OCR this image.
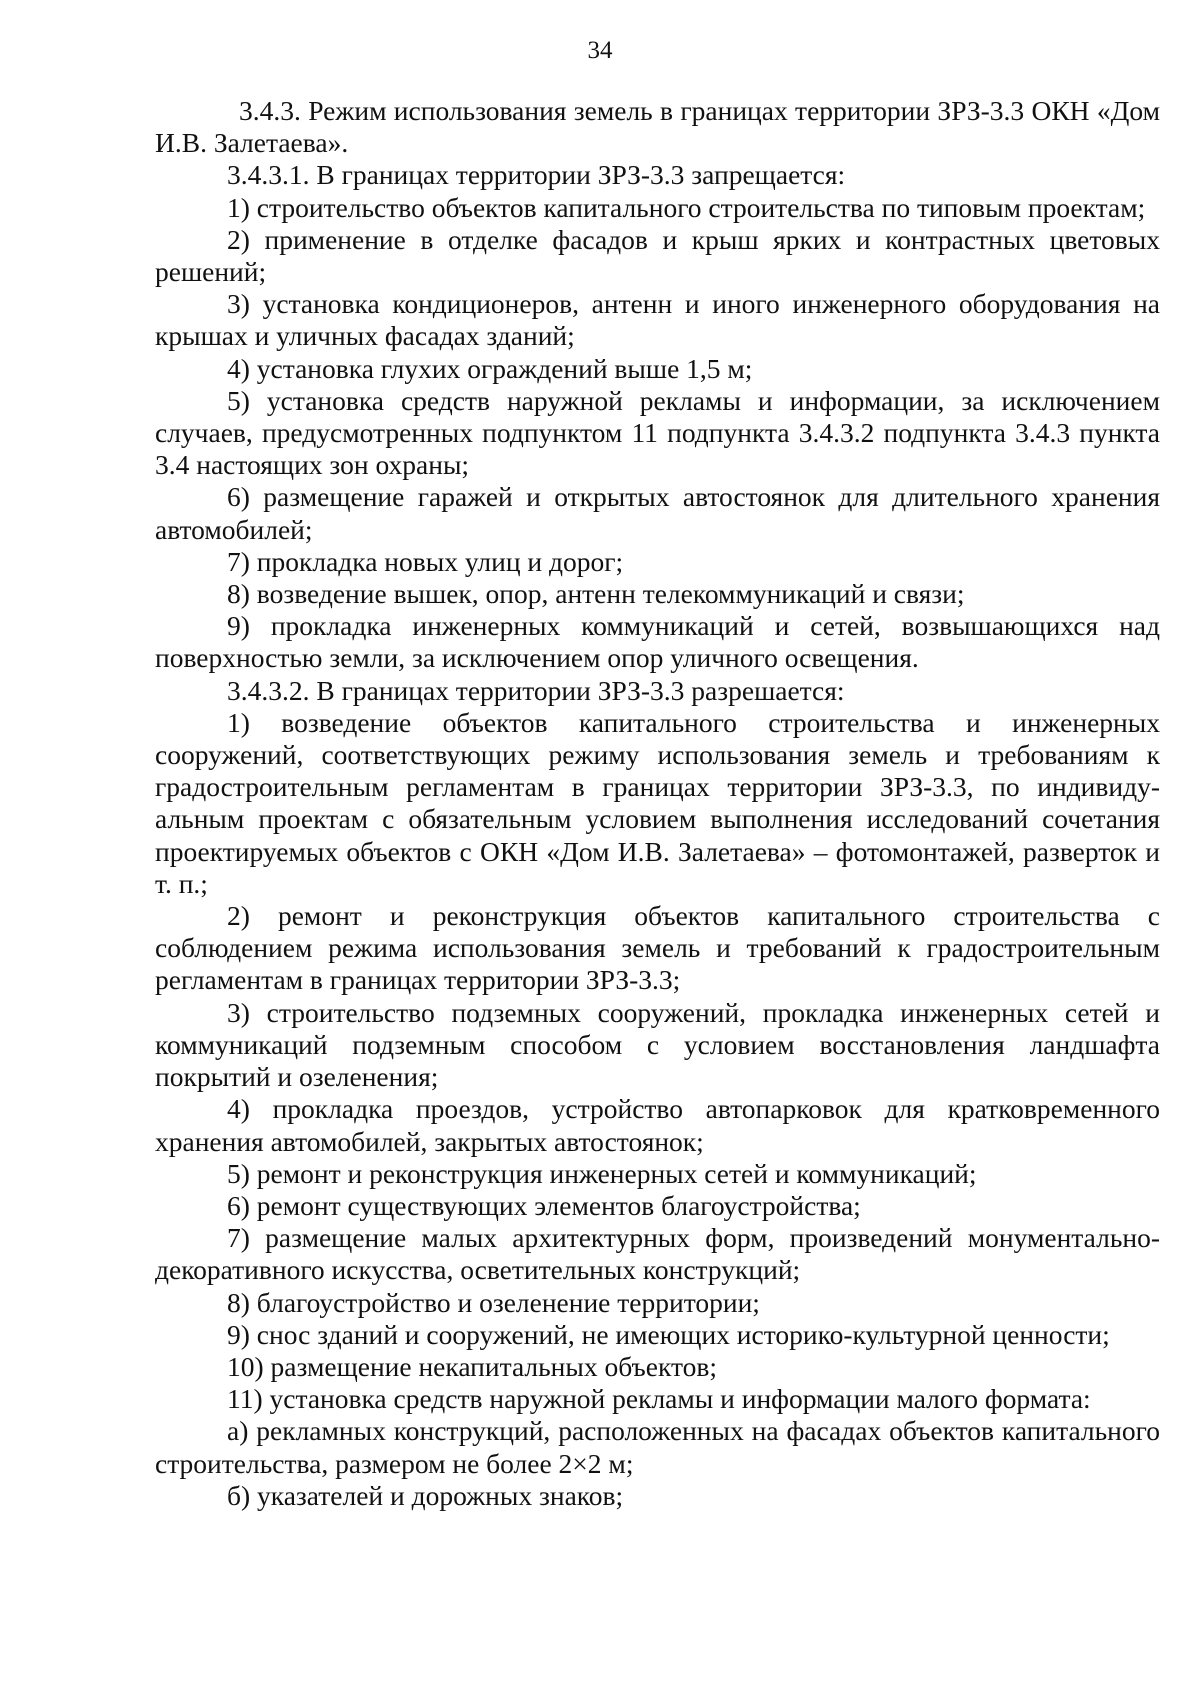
34

3.4.3. Режим использования земель в границах территории ЗРЗ-3.3 ОКН «Дом И.В. Залетаева».

3.4.3.1. В границах территории ЗРЗ-3.3 запрещается:

1) строительство объектов капитального строительства по типовым проектам;

2) применение в отделке фасадов и крыш ярких и контрастных цветовых решений;

3) установка кондиционеров, антенн и иного инженерного оборудования на крышах и уличных фасадах зданий;

4) установка глухих ограждений выше 1,5 м;

5) установка средств наружной рекламы и информации, за исключением случаев, предусмотренных подпунктом 11 подпункта 3.4.3.2 подпункта 3.4.3 пункта 3.4 настоящих зон охраны;

6) размещение гаражей и открытых автостоянок для длительного хранения автомобилей;

7) прокладка новых улиц и дорог;

8) возведение вышек, опор, антенн телекоммуникаций и связи;

9) прокладка инженерных коммуникаций и сетей, возвышающихся над поверхностью земли, за исключением опор уличного освещения.

3.4.3.2. В границах территории ЗРЗ-3.3 разрешается:

1) возведение объектов капитального строительства и инженерных сооружений, соответствующих режиму использования земель и требованиям к градостроительным регламентам в границах территории ЗРЗ-3.3, по индивидуальным проектам с обязательным условием выполнения исследований сочетания проектируемых объектов с ОКН «Дом И.В. Залетаева» – фотомонтажей, разверток и т. п.;

2) ремонт и реконструкция объектов капитального строительства с соблюдением режима использования земель и требований к градостроительным регламентам в границах территории ЗРЗ-3.3;

3) строительство подземных сооружений, прокладка инженерных сетей и коммуникаций подземным способом с условием восстановления ландшафта покрытий и озеленения;

4) прокладка проездов, устройство автопарковок для кратковременного хранения автомобилей, закрытых автостоянок;

5) ремонт и реконструкция инженерных сетей и коммуникаций;

6) ремонт существующих элементов благоустройства;

7) размещение малых архитектурных форм, произведений монументально-декоративного искусства, осветительных конструкций;

8) благоустройство и озеленение территории;

9) снос зданий и сооружений, не имеющих историко-культурной ценности;

10) размещение некапитальных объектов;

11) установка средств наружной рекламы и информации малого формата:

а) рекламных конструкций, расположенных на фасадах объектов капитального строительства, размером не более 2×2 м;

б) указателей и дорожных знаков;
